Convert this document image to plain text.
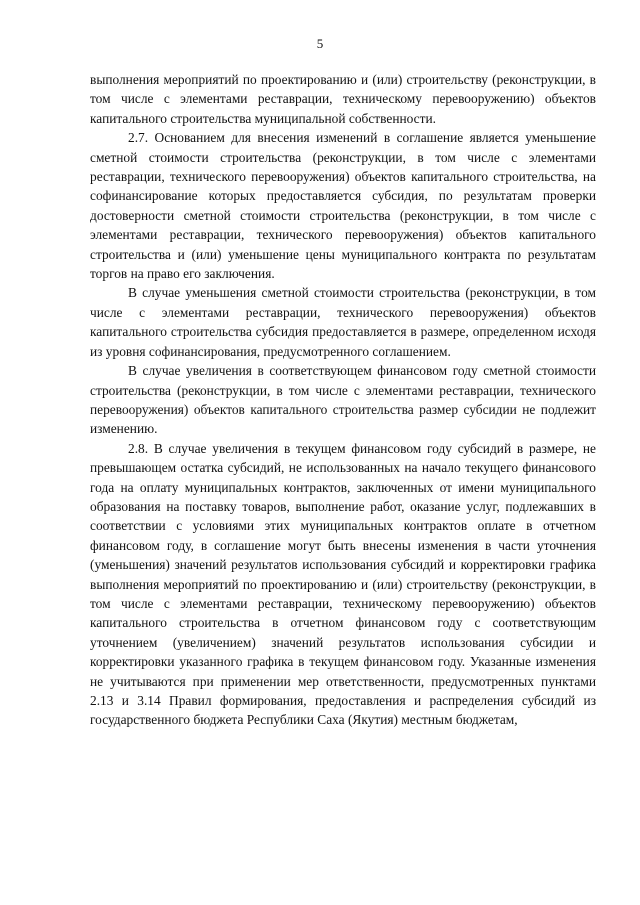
5

выполнения мероприятий по проектированию и (или) строительству (реконструкции, в том числе с элементами реставрации, техническому перевооружению) объектов капитального строительства муниципальной собственности.

2.7. Основанием для внесения изменений в соглашение является уменьшение сметной стоимости строительства (реконструкции, в том числе с элементами реставрации, технического перевооружения) объектов капитального строительства, на софинансирование которых предоставляется субсидия, по результатам проверки достоверности сметной стоимости строительства (реконструкции, в том числе с элементами реставрации, технического перевооружения) объектов капитального строительства и (или) уменьшение цены муниципального контракта по результатам торгов на право его заключения.

В случае уменьшения сметной стоимости строительства (реконструкции, в том числе с элементами реставрации, технического перевооружения) объектов капитального строительства субсидия предоставляется в размере, определенном исходя из уровня софинансирования, предусмотренного соглашением.

В случае увеличения в соответствующем финансовом году сметной стоимости строительства (реконструкции, в том числе с элементами реставрации, технического перевооружения) объектов капитального строительства размер субсидии не подлежит изменению.

2.8. В случае увеличения в текущем финансовом году субсидий в размере, не превышающем остатка субсидий, не использованных на начало текущего финансового года на оплату муниципальных контрактов, заключенных от имени муниципального образования на поставку товаров, выполнение работ, оказание услуг, подлежавших в соответствии с условиями этих муниципальных контрактов оплате в отчетном финансовом году, в соглашение могут быть внесены изменения в части уточнения (уменьшения) значений результатов использования субсидий и корректировки графика выполнения мероприятий по проектированию и (или) строительству (реконструкции, в том числе с элементами реставрации, техническому перевооружению) объектов капитального строительства в отчетном финансовом году с соответствующим уточнением (увеличением) значений результатов использования субсидии и корректировки указанного графика в текущем финансовом году. Указанные изменения не учитываются при применении мер ответственности, предусмотренных пунктами 2.13 и 3.14 Правил формирования, предоставления и распределения субсидий из государственного бюджета Республики Саха (Якутия) местным бюджетам,
